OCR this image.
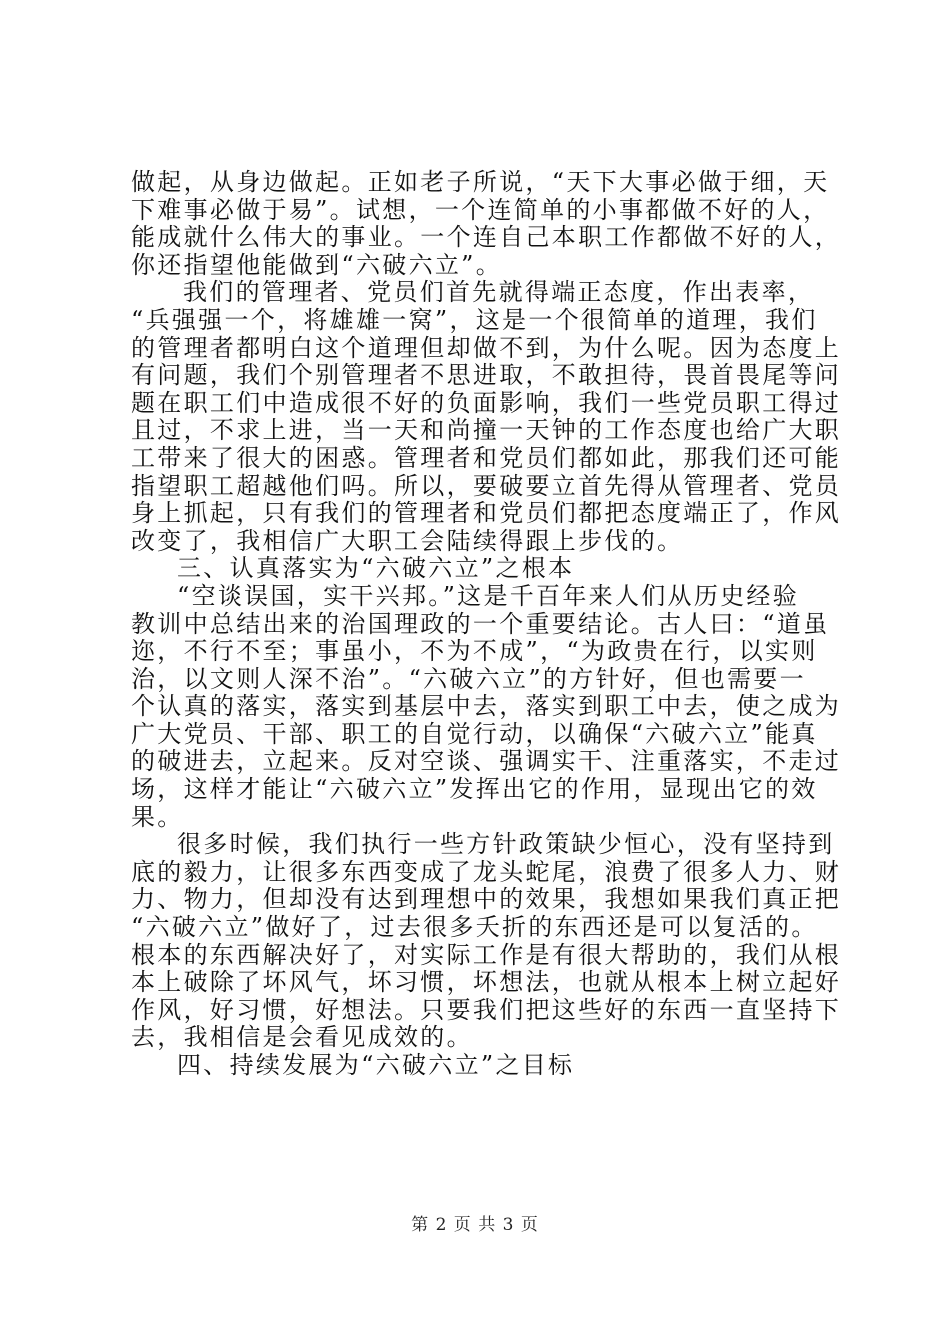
做起，从身边做起。正如老子所说，“天下大事必做于细，天
下难事必做于易”。试想，一个连简单的小事都做不好的人，
能成就什么伟大的事业。一个连自己本职工作都做不好的人，
你还指望他能做到“六破六立”。
我们的管理者、党员们首先就得端正态度，作出表率，
“兵强强一个，将雄雄一窝”，这是一个很简单的道理，我们
的管理者都明白这个道理但却做不到，为什么呢。因为态度上
有问题，我们个别管理者不思进取，不敢担待，畏首畏尾等问
题在职工们中造成很不好的负面影响，我们一些党员职工得过
且过，不求上进，当一天和尚撞一天钟的工作态度也给广大职
工带来了很大的困惑。管理者和党员们都如此，那我们还可能
指望职工超越他们吗。所以，要破要立首先得从管理者、党员
身上抓起，只有我们的管理者和党员们都把态度端正了，作风
改变了，我相信广大职工会陆续得跟上步伐的。
三、认真落实为“六破六立”之根本
“空谈误国，实干兴邦。”这是千百年来人们从历史经验
教训中总结出来的治国理政的一个重要结论。古人曰：“道虽
迩，不行不至；事虽小，不为不成”，“为政贵在行，以实则
治，以文则人深不治”。“六破六立”的方针好，但也需要一
个认真的落实，落实到基层中去，落实到职工中去，使之成为
广大党员、干部、职工的自觉行动，以确保“六破六立”能真
的破进去，立起来。反对空谈、强调实干、注重落实，不走过
场，这样才能让“六破六立”发挥出它的作用，显现出它的效
果。
很多时候，我们执行一些方针政策缺少恒心，没有坚持到
底的毅力，让很多东西变成了龙头蛇尾，浪费了很多人力、财
力、物力，但却没有达到理想中的效果，我想如果我们真正把
“六破六立”做好了，过去很多夭折的东西还是可以复活的。
根本的东西解决好了，对实际工作是有很大帮助的，我们从根
本上破除了坏风气，坏习惯，坏想法，也就从根本上树立起好
作风，好习惯，好想法。只要我们把这些好的东西一直坚持下
去，我相信是会看见成效的。
四、持续发展为“六破六立”之目标
第 2 页 共 3 页
